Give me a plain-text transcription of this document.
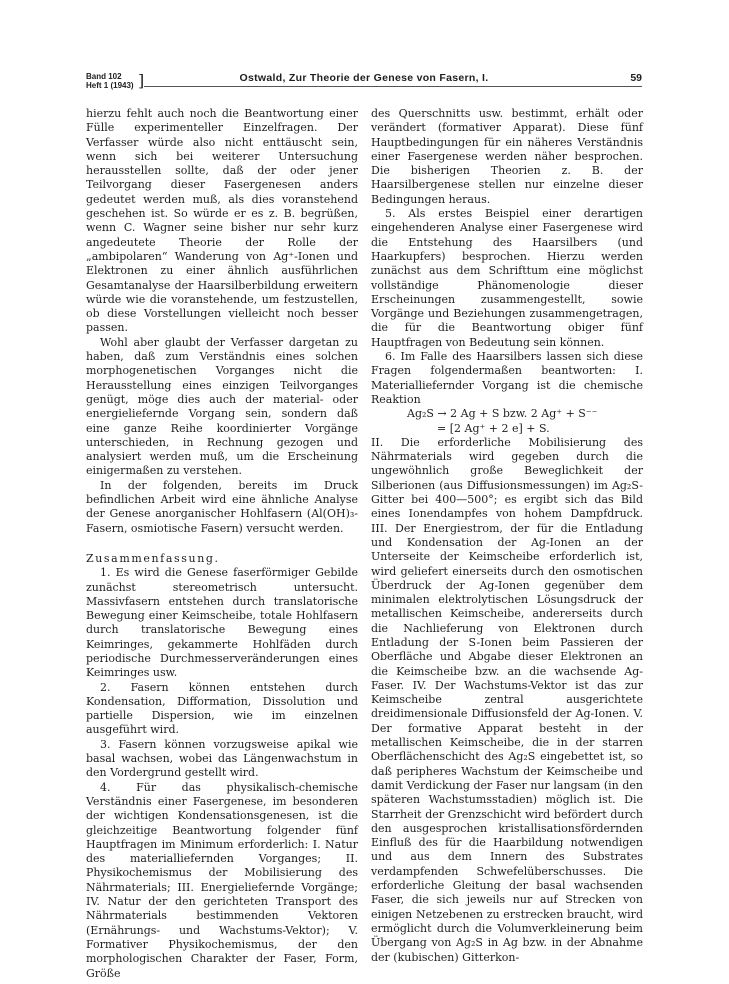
Band 102
Heft 1 (1943) ]	Ostwald, Zur Theorie der Genese von Fasern, I.	59

hierzu fehlt auch noch die Beantwortung einer Fülle experimenteller Einzelfragen. Der Verfasser würde also nicht enttäuscht sein, wenn sich bei weiterer Untersuchung herausstellen sollte, daß der oder jener Teilvorgang dieser Fasergenesen anders gedeutet werden muß, als dies voranstehend geschehen ist. So würde er es z. B. begrüßen, wenn C. Wagner seine bisher nur sehr kurz angedeutete Theorie der Rolle der „ambipolaren“ Wanderung von Ag⁺-Ionen und Elektronen zu einer ähnlich ausführlichen Gesamtanalyse der Haarsilberbildung erweitern würde wie die voranstehende, um festzustellen, ob diese Vorstellungen vielleicht noch besser passen.

Wohl aber glaubt der Verfasser dargetan zu haben, daß zum Verständnis eines solchen morphogenetischen Vorganges nicht die Herausstellung eines einzigen Teilvorganges genügt, möge dies auch der material- oder energieliefernde Vorgang sein, sondern daß eine ganze Reihe koordinierter Vorgänge unterschieden, in Rechnung gezogen und analysiert werden muß, um die Erscheinung einigermaßen zu verstehen.

In der folgenden, bereits im Druck befindlichen Arbeit wird eine ähnliche Analyse der Genese anorganischer Hohlfasern (Al(OH)₃-Fasern, osmiotische Fasern) versucht werden.

Zusammenfassung.

1. Es wird die Genese faserförmiger Gebilde zunächst stereometrisch untersucht. Massivfasern entstehen durch translatorische Bewegung einer Keimscheibe, totale Hohlfasern durch translatorische Bewegung eines Keimringes, gekammerte Hohlfäden durch periodische Durchmesserveränderungen eines Keimringes usw.

2. Fasern können entstehen durch Kondensation, Difformation, Dissolution und partielle Dispersion, wie im einzelnen ausgeführt wird.

3. Fasern können vorzugsweise apikal wie basal wachsen, wobei das Längenwachstum in den Vordergrund gestellt wird.

4. Für das physikalisch-chemische Verständnis einer Fasergenese, im besonderen der wichtigen Kondensationsgenesen, ist die gleichzeitige Beantwortung folgender fünf Hauptfragen im Minimum erforderlich: I. Natur des materialliefernden Vorganges; II. Physikochemismus der Mobilisierung des Nährmaterials; III. Energieliefernde Vorgänge; IV. Natur der den gerichteten Transport des Nährmaterials bestimmenden Vektoren (Ernährungs- und Wachstums-Vektor); V. Formativer Physikochemismus, der den morphologischen Charakter der Faser, Form, Größe

des Querschnitts usw. bestimmt, erhält oder verändert (formativer Apparat). Diese fünf Hauptbedingungen für ein näheres Verständnis einer Fasergenese werden näher besprochen. Die bisherigen Theorien z. B. der Haarsilbergenese stellen nur einzelne dieser Bedingungen heraus.

5. Als erstes Beispiel einer derartigen eingehenderen Analyse einer Fasergenese wird die Entstehung des Haarsilbers (und Haarkupfers) besprochen. Hierzu werden zunächst aus dem Schrifttum eine möglichst vollständige Phänomenologie dieser Erscheinungen zusammengestellt, sowie Vorgänge und Beziehungen zusammengetragen, die für die Beantwortung obiger fünf Hauptfragen von Bedeutung sein können.

6. Im Falle des Haarsilbers lassen sich diese Fragen folgendermaßen beantworten: I. Materialliefernder Vorgang ist die chemische Reaktion

Ag₂S → 2 Ag + S bzw. 2 Ag⁺ + S⁻⁻

= [2 Ag⁺ + 2 e] + S.

II. Die erforderliche Mobilisierung des Nährmaterials wird gegeben durch die ungewöhnlich große Beweglichkeit der Silberionen (aus Diffusionsmessungen) im Ag₂S-Gitter bei 400—500°; es ergibt sich das Bild eines Ionendampfes von hohem Dampfdruck. III. Der Energiestrom, der für die Entladung und Kondensation der Ag-Ionen an der Unterseite der Keimscheibe erforderlich ist, wird geliefert einerseits durch den osmotischen Überdruck der Ag-Ionen gegenüber dem minimalen elektrolytischen Lösungsdruck der metallischen Keimscheibe, andererseits durch die Nachlieferung von Elektronen durch Entladung der S-Ionen beim Passieren der Oberfläche und Abgabe dieser Elektronen an die Keimscheibe bzw. an die wachsende Ag-Faser. IV. Der Wachstums-Vektor ist das zur Keimscheibe zentral ausgerichtete dreidimensionale Diffusionsfeld der Ag-Ionen. V. Der formative Apparat besteht in der metallischen Keimscheibe, die in der starren Oberflächenschicht des Ag₂S eingebettet ist, so daß peripheres Wachstum der Keimscheibe und damit Verdickung der Faser nur langsam (in den späteren Wachstumsstadien) möglich ist. Die Starrheit der Grenzschicht wird befördert durch den ausgesprochen kristallisationsfördernden Einfluß des für die Haarbildung notwendigen und aus dem Innern des Substrates verdampfenden Schwefelüberschusses. Die erforderliche Gleitung der basal wachsenden Faser, die sich jeweils nur auf Strecken von einigen Netzebenen zu erstrecken braucht, wird ermöglicht durch die Volumverkleinerung beim Übergang von Ag₂S in Ag bzw. in der Abnahme der (kubischen) Gitterkon-
